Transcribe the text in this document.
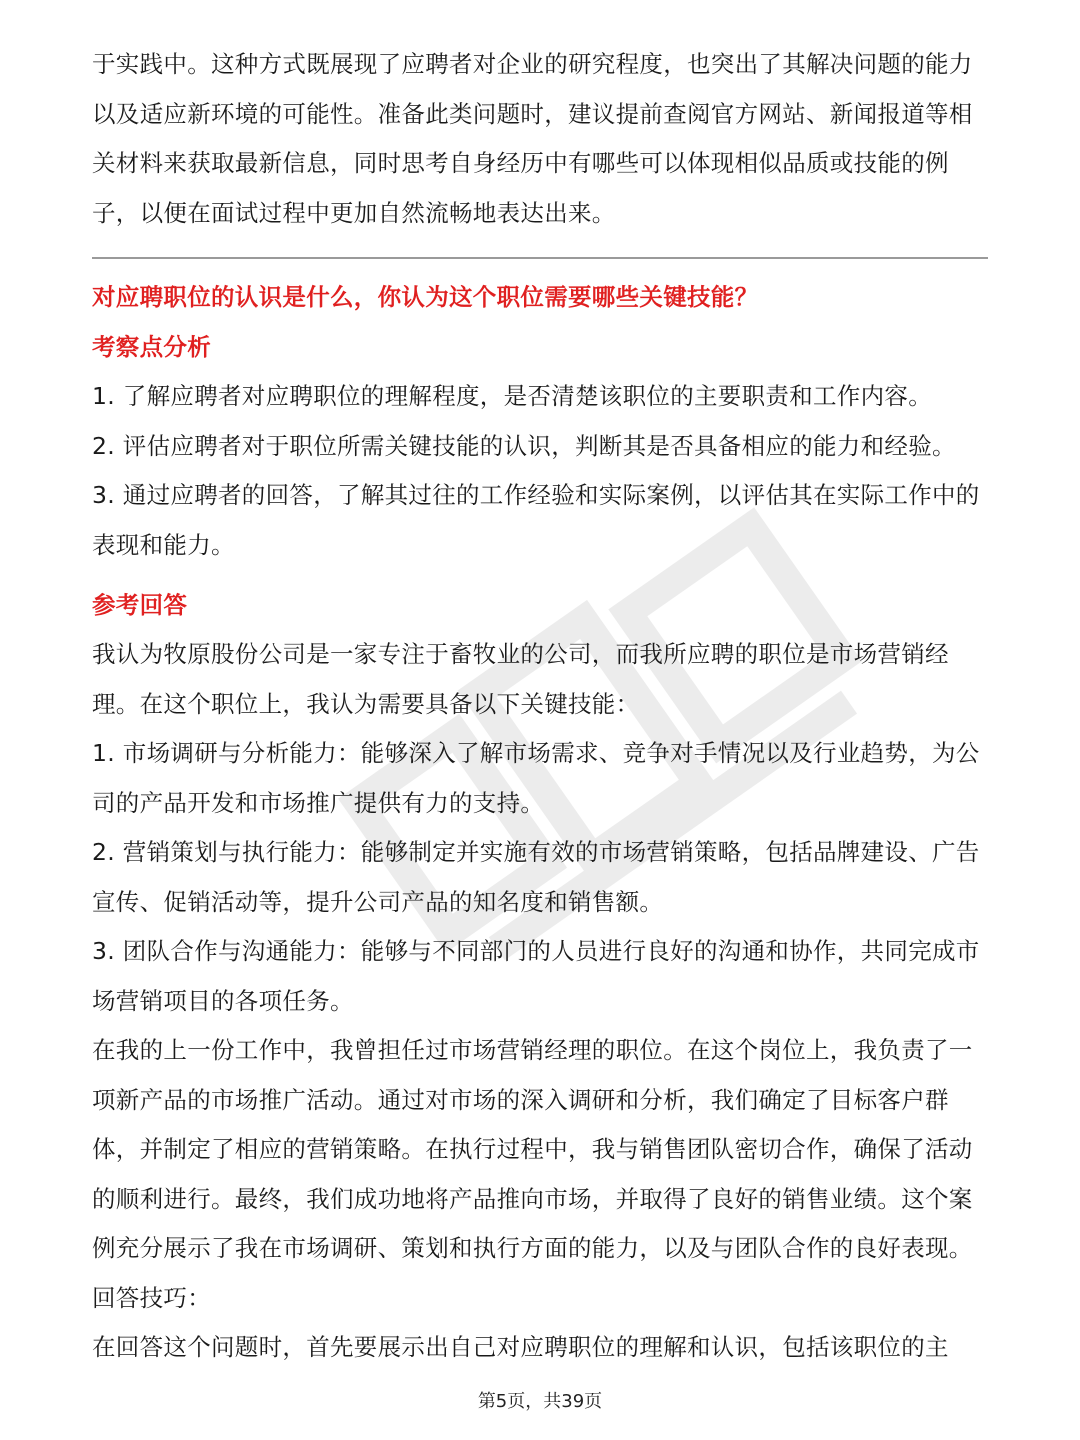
于实践中。这种方式既展现了应聘者对企业的研究程度，也突出了其解决问题的能力以及适应新环境的可能性。准备此类问题时，建议提前查阅官方网站、新闻报道等相关材料来获取最新信息，同时思考自身经历中有哪些可以体现相似品质或技能的例子，以便在面试过程中更加自然流畅地表达出来。

对应聘职位的认识是什么，你认为这个职位需要哪些关键技能？

考察点分析

1. 了解应聘者对应聘职位的理解程度，是否清楚该职位的主要职责和工作内容。

2. 评估应聘者对于职位所需关键技能的认识，判断其是否具备相应的能力和经验。

3. 通过应聘者的回答，了解其过往的工作经验和实际案例，以评估其在实际工作中的表现和能力。

参考回答

我认为牧原股份公司是一家专注于畜牧业的公司，而我所应聘的职位是市场营销经理。在这个职位上，我认为需要具备以下关键技能：

1. 市场调研与分析能力：能够深入了解市场需求、竞争对手情况以及行业趋势，为公司的产品开发和市场推广提供有力的支持。

2. 营销策划与执行能力：能够制定并实施有效的市场营销策略，包括品牌建设、广告宣传、促销活动等，提升公司产品的知名度和销售额。

3. 团队合作与沟通能力：能够与不同部门的人员进行良好的沟通和协作，共同完成市场营销项目的各项任务。

在我的上一份工作中，我曾担任过市场营销经理的职位。在这个岗位上，我负责了一项新产品的市场推广活动。通过对市场的深入调研和分析，我们确定了目标客户群体，并制定了相应的营销策略。在执行过程中，我与销售团队密切合作，确保了活动的顺利进行。最终，我们成功地将产品推向市场，并取得了良好的销售业绩。这个案例充分展示了我在市场调研、策划和执行方面的能力，以及与团队合作的良好表现。

回答技巧：

在回答这个问题时，首先要展示出自己对应聘职位的理解和认识，包括该职位的主

第5页，共39页
